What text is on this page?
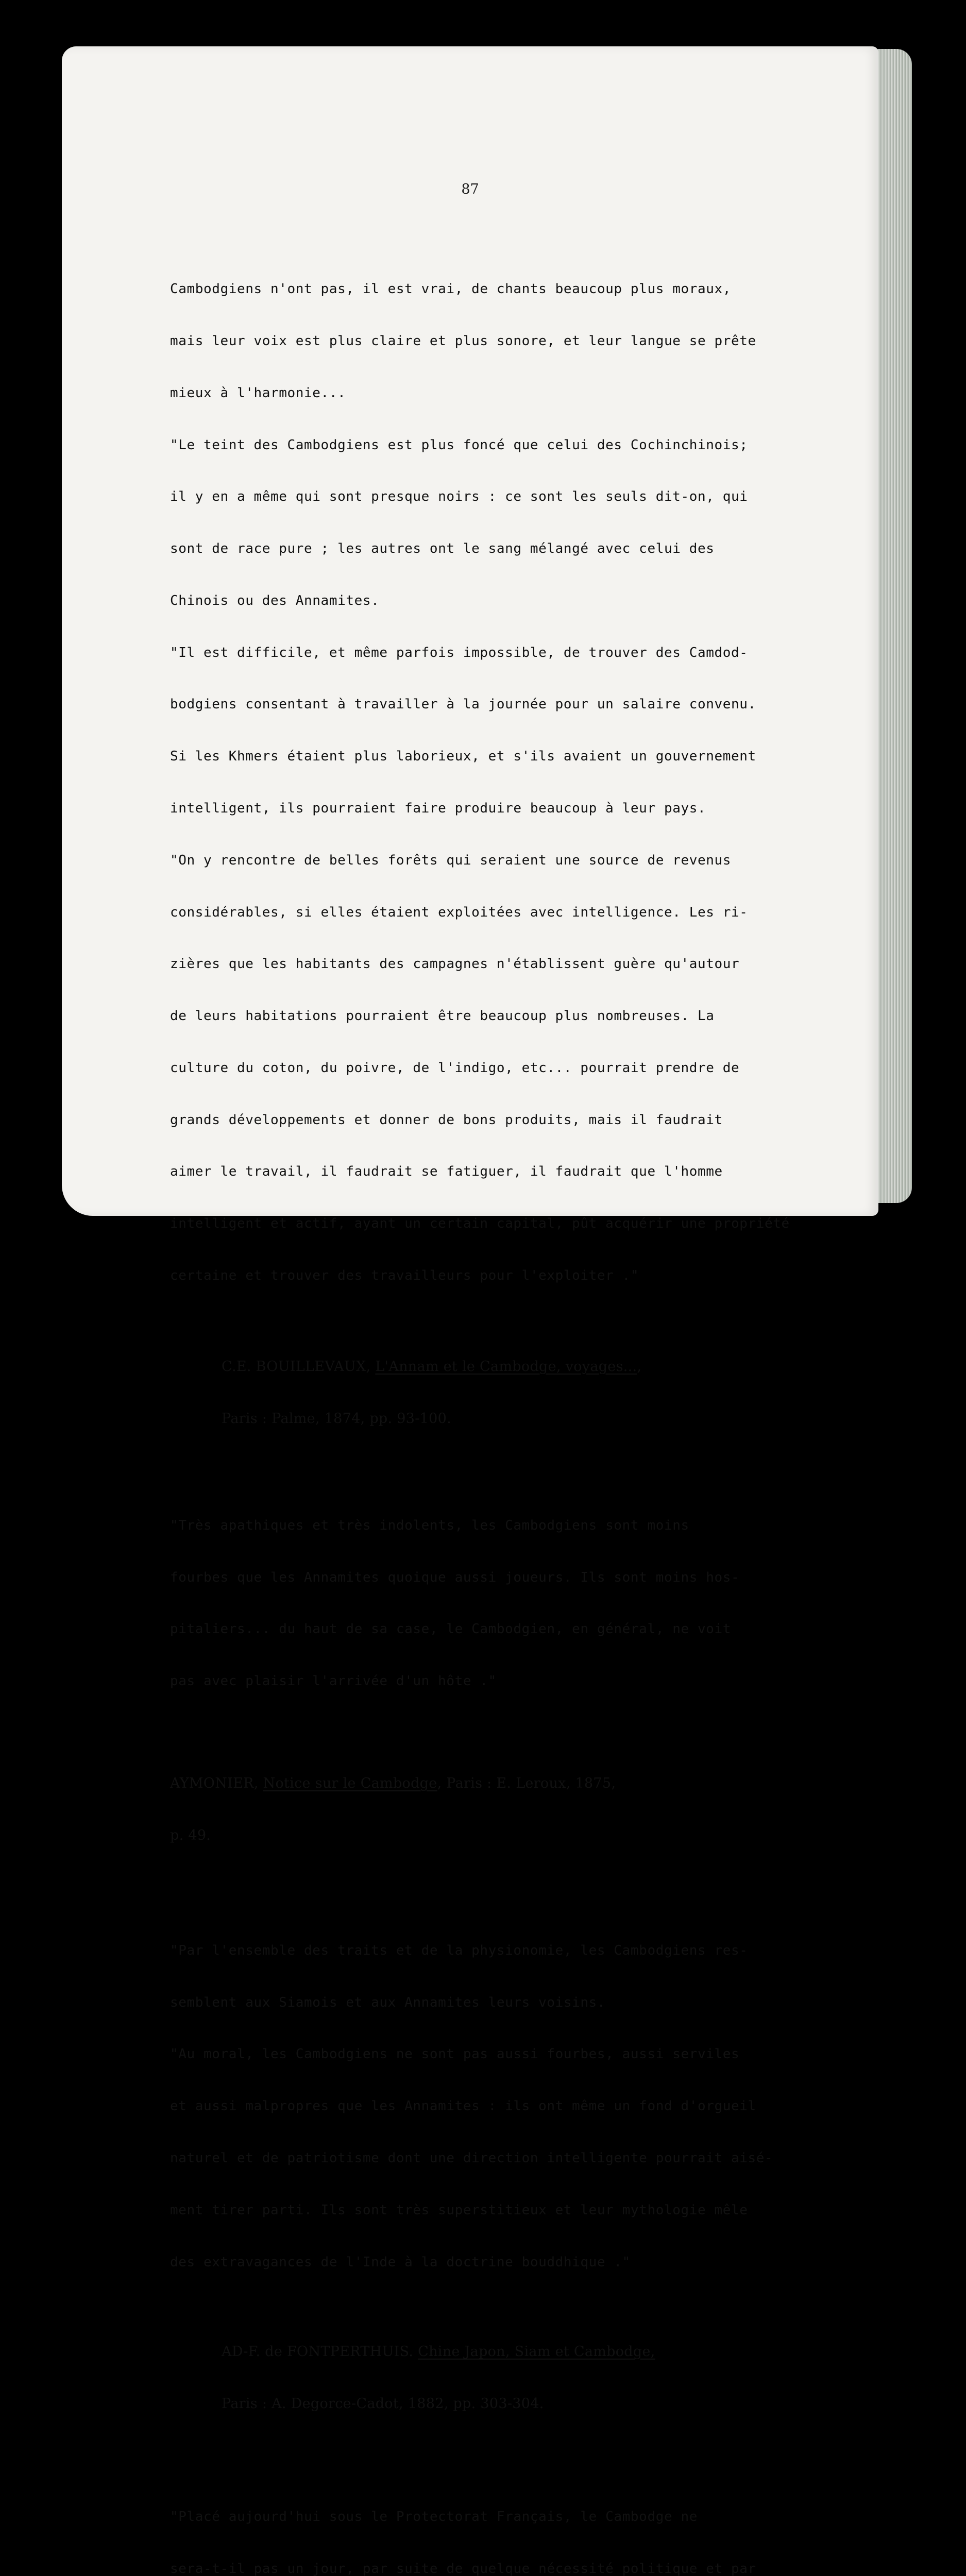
87

Cambodgiens n'ont pas, il est vrai, de chants beaucoup plus moraux,

mais leur voix est plus claire et plus sonore, et leur langue se prête

mieux à l'harmonie...

"Le teint des Cambodgiens est plus foncé que celui des Cochinchinois;

il y en a même qui sont presque noirs : ce sont les seuls dit-on, qui

sont de race pure ; les autres ont le sang mélangé avec celui des

Chinois ou des Annamites.

"Il est difficile, et même parfois impossible, de trouver des Camdod-

bodgiens consentant à travailler à la journée pour un salaire convenu.

Si les Khmers étaient plus laborieux, et s'ils avaient un gouvernement

intelligent, ils pourraient faire produire beaucoup à leur pays.

"On y rencontre de belles forêts qui seraient une source de revenus

considérables, si elles étaient exploitées avec intelligence. Les ri-

zières que les habitants des campagnes n'établissent guère qu'autour

de leurs habitations pourraient être beaucoup plus nombreuses. La

culture du coton, du poivre, de l'indigo, etc... pourrait prendre de

grands développements et donner de bons produits, mais il faudrait

aimer le travail, il faudrait se fatiguer, il faudrait que l'homme

intelligent et actif, ayant un certain capital, pût acquérir une propriété

certaine et trouver des travailleurs pour l'exploiter ."

C.E. BOUILLEVAUX, L'Annam et le Cambodge, voyages...,

Paris : Palme, 1874, pp. 93-100.

"Très apathiques et très indolents, les Cambodgiens sont moins

fourbes que les Annamites quoique aussi joueurs. Ils sont moins hos-

pitaliers... du haut de sa case, le Cambodgien, en général, ne voit

pas avec plaisir l'arrivée d'un hôte ."

AYMONIER, Notice sur le Cambodge, Paris : E. Leroux, 1875,

p. 49.

"Par l'ensemble des traits et de la physionomie, les Cambodgiens res-

semblent aux Siamois et aux Annamites leurs voisins.

"Au moral, les Cambodgiens ne sont pas aussi fourbes, aussi serviles

et aussi malpropres que les Annamites : ils ont même un fond d'orgueil

naturel et de patriotisme dont une direction intelligente pourrait aisé-

ment tirer parti. Ils sont très superstitieux et leur mythologie mêle

des extravagances de l'Inde à la doctrine bouddhique ."

AD-F. de FONTPERTHUIS. Chine Japon, Siam et Cambodge,

Paris : A. Degorce-Cadot, 1882, pp. 303-304.

"Placé aujourd'hui sous le Protectorat Français, le Cambodge ne

sera-t-il pas un jour, par suite de quelque nécessité politique et par
